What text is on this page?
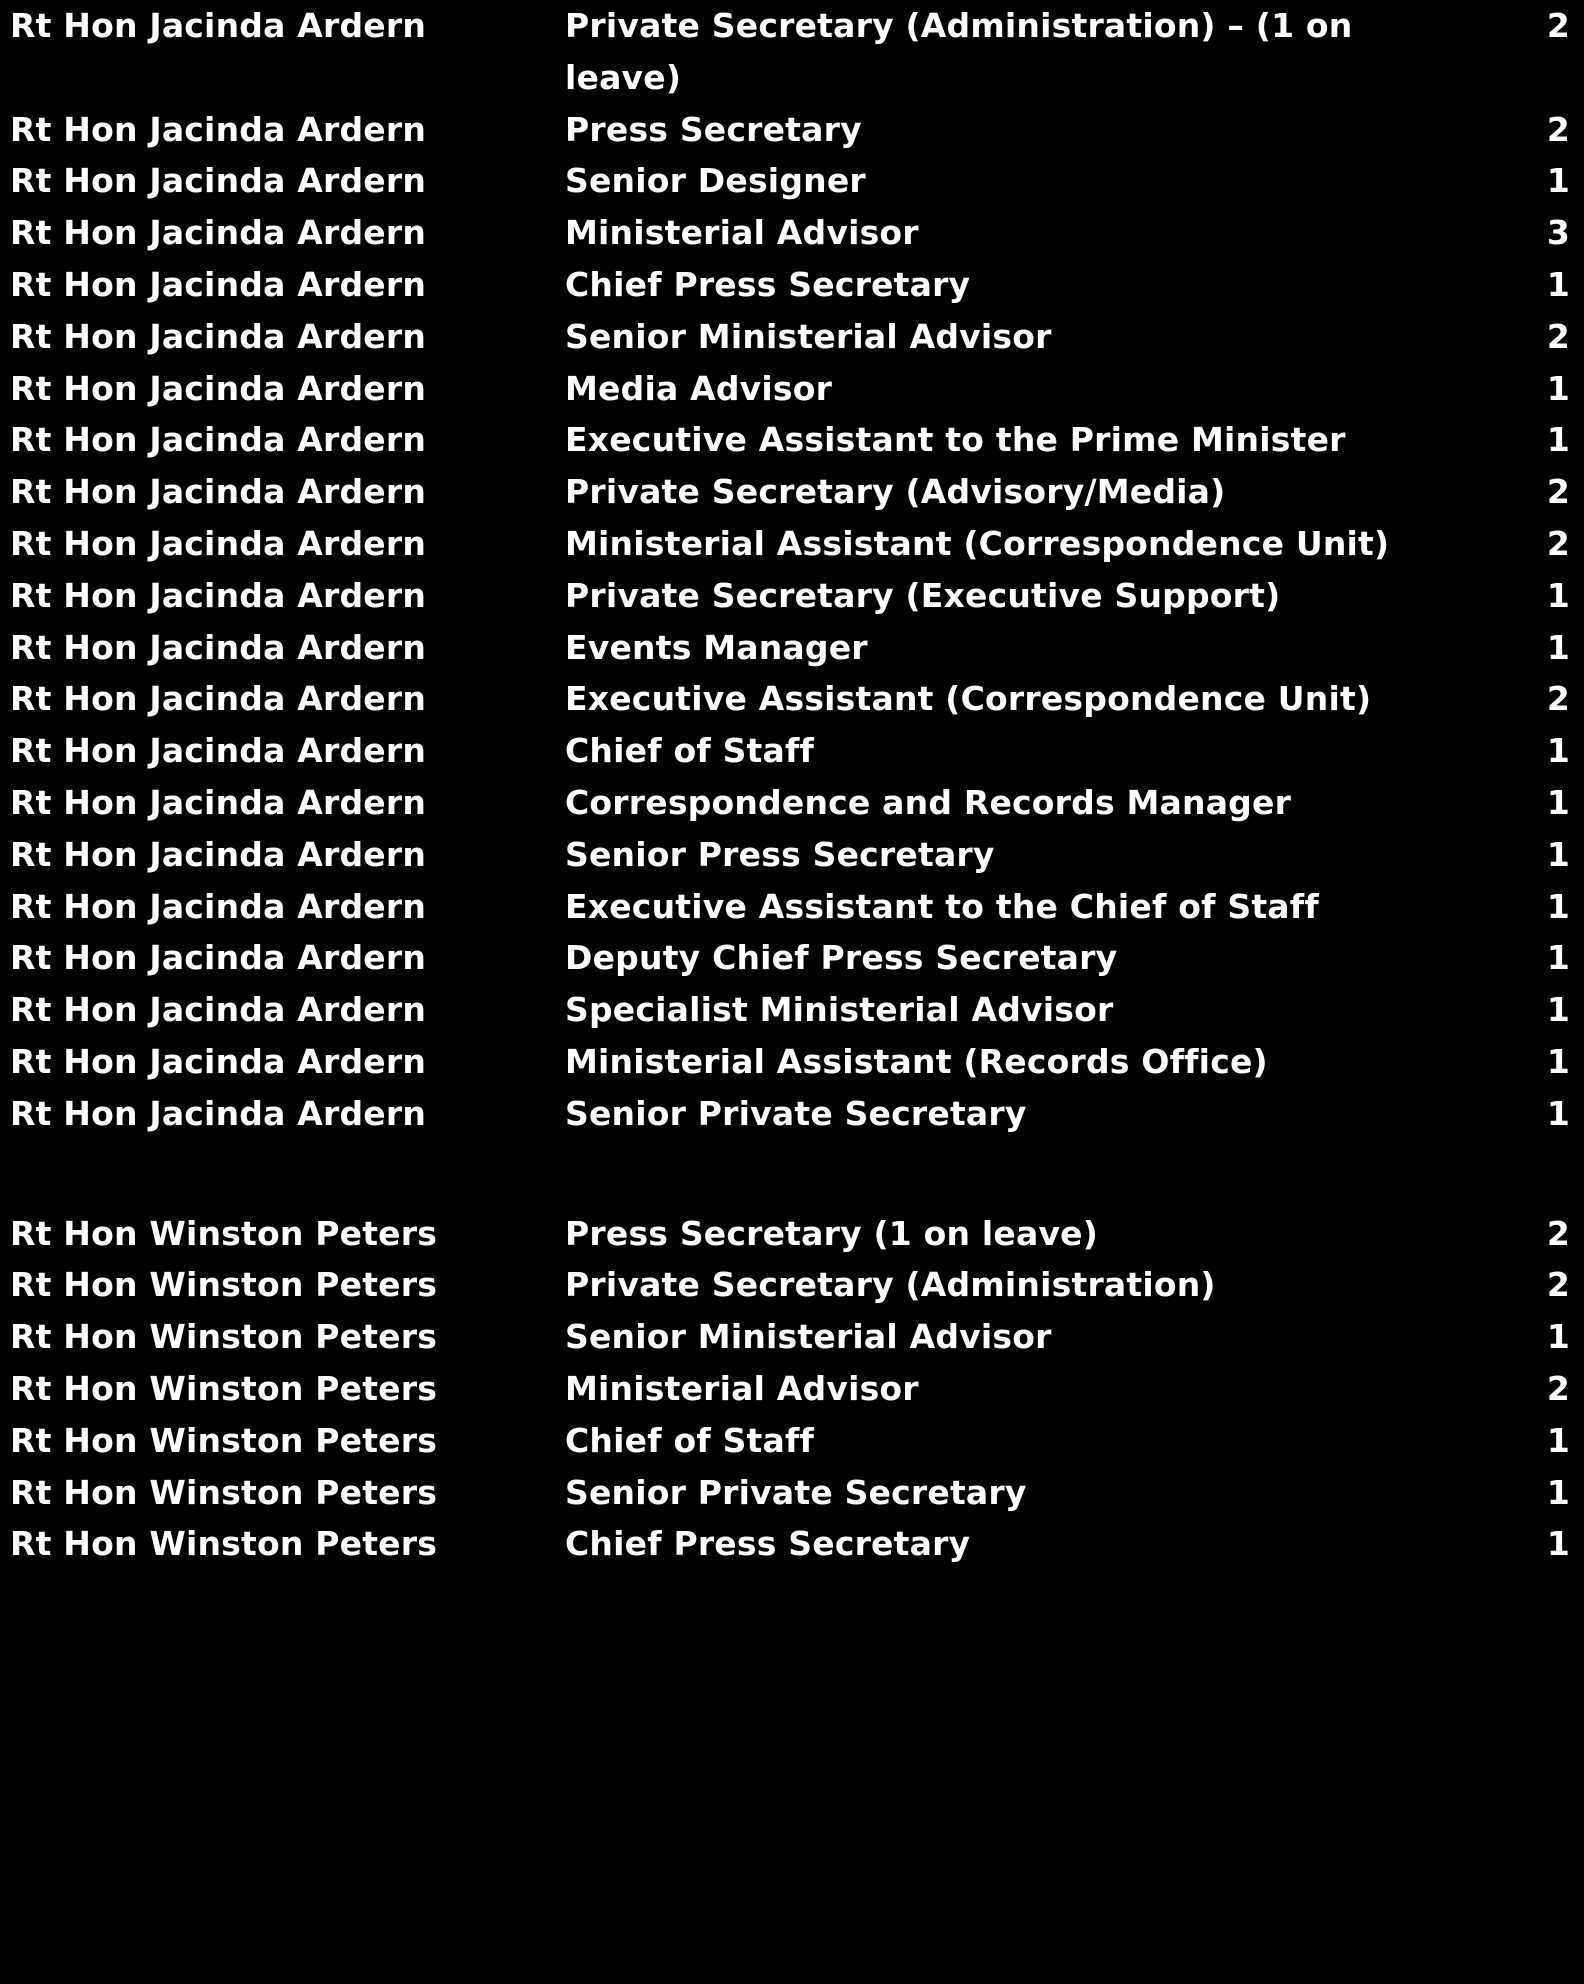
Rt Hon Jacinda Ardern	Private Secretary (Administration) – (1 on leave)	2
Rt Hon Jacinda Ardern	Press Secretary	2
Rt Hon Jacinda Ardern	Senior Designer	1
Rt Hon Jacinda Ardern	Ministerial Advisor	3
Rt Hon Jacinda Ardern	Chief Press Secretary	1
Rt Hon Jacinda Ardern	Senior Ministerial Advisor	2
Rt Hon Jacinda Ardern	Media Advisor	1
Rt Hon Jacinda Ardern	Executive Assistant to the Prime Minister	1
Rt Hon Jacinda Ardern	Private Secretary (Advisory/Media)	2
Rt Hon Jacinda Ardern	Ministerial Assistant (Correspondence Unit)	2
Rt Hon Jacinda Ardern	Private Secretary (Executive Support)	1
Rt Hon Jacinda Ardern	Events Manager	1
Rt Hon Jacinda Ardern	Executive Assistant (Correspondence Unit)	2
Rt Hon Jacinda Ardern	Chief of Staff	1
Rt Hon Jacinda Ardern	Correspondence and Records Manager	1
Rt Hon Jacinda Ardern	Senior Press Secretary	1
Rt Hon Jacinda Ardern	Executive Assistant to the Chief of Staff	1
Rt Hon Jacinda Ardern	Deputy Chief Press Secretary	1
Rt Hon Jacinda Ardern	Specialist Ministerial Advisor	1
Rt Hon Jacinda Ardern	Ministerial Assistant (Records Office)	1
Rt Hon Jacinda Ardern	Senior Private Secretary	1

Rt Hon Winston Peters	Press Secretary (1 on leave)	2
Rt Hon Winston Peters	Private Secretary (Administration)	2
Rt Hon Winston Peters	Senior Ministerial Advisor	1
Rt Hon Winston Peters	Ministerial Advisor	2
Rt Hon Winston Peters	Chief of Staff	1
Rt Hon Winston Peters	Senior Private Secretary	1
Rt Hon Winston Peters	Chief Press Secretary	1
